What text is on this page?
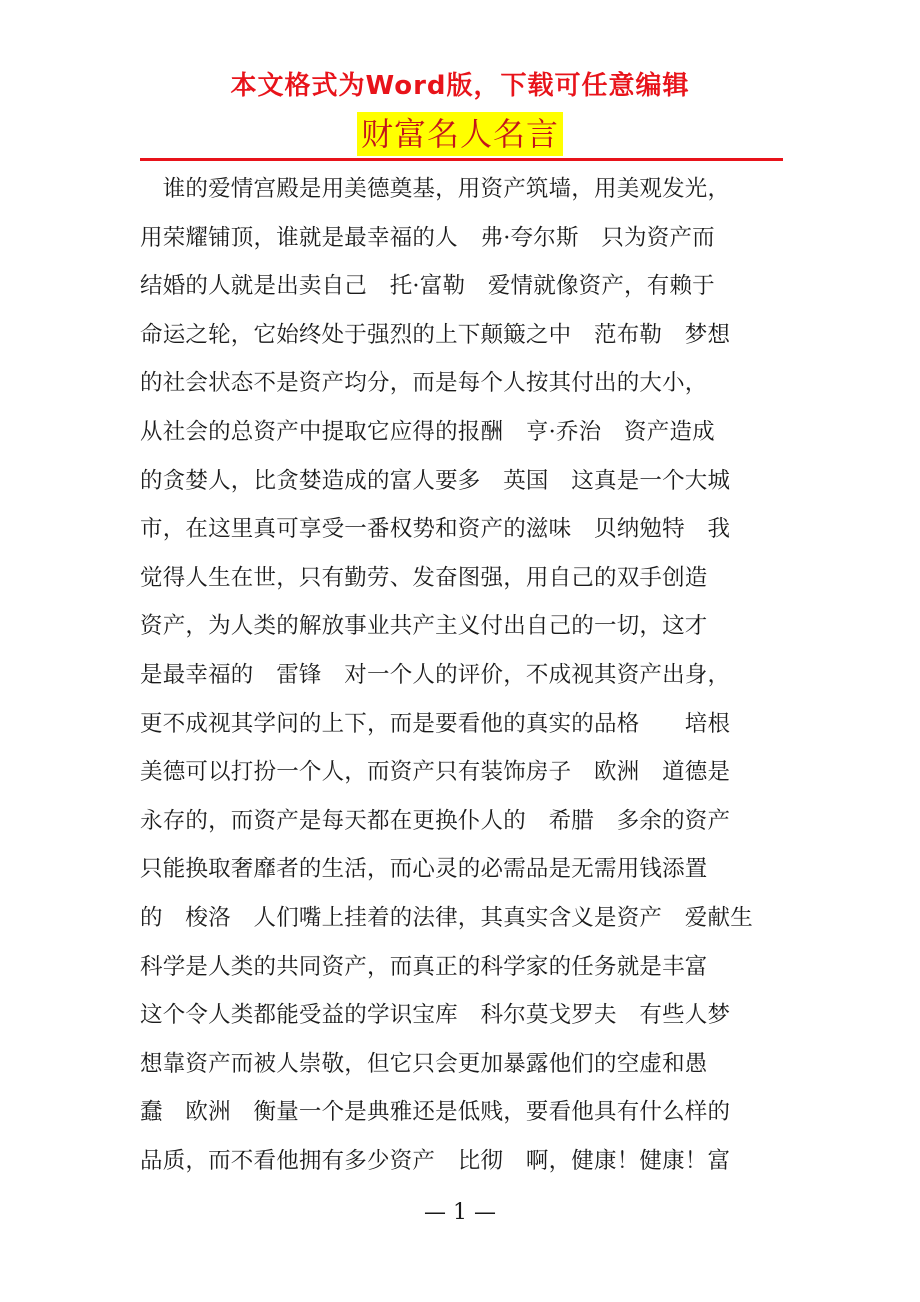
本文格式为Word版，下载可任意编辑
财富名人名言
　谁的爱情宫殿是用美德奠基，用资产筑墙，用美观发光，
用荣耀铺顶，谁就是最幸福的人　弗·夸尔斯　只为资产而
结婚的人就是出卖自己　托·富勒　爱情就像资产，有赖于
命运之轮，它始终处于强烈的上下颠簸之中　范布勒　梦想
的社会状态不是资产均分，而是每个人按其付出的大小，
从社会的总资产中提取它应得的报酬　亨·乔治　资产造成
的贪婪人，比贪婪造成的富人要多　英国　这真是一个大城
市，在这里真可享受一番权势和资产的滋味　贝纳勉特　我
觉得人生在世，只有勤劳、发奋图强，用自己的双手创造
资产，为人类的解放事业共产主义付出自己的一切，这才
是最幸福的　雷锋　对一个人的评价，不成视其资产出身，
更不成视其学问的上下，而是要看他的真实的品格　　培根
美德可以打扮一个人，而资产只有装饰房子　欧洲　道德是
永存的，而资产是每天都在更换仆人的　希腊　多余的资产
只能换取奢靡者的生活，而心灵的必需品是无需用钱添置
的　梭洛　人们嘴上挂着的法律，其真实含义是资产　爱献生
科学是人类的共同资产，而真正的科学家的任务就是丰富
这个令人类都能受益的学识宝库　科尔莫戈罗夫　有些人梦
想靠资产而被人崇敬，但它只会更加暴露他们的空虚和愚
蠢　欧洲　衡量一个是典雅还是低贱，要看他具有什么样的
品质，而不看他拥有多少资产　比彻　啊，健康！健康！富
— 1 —
